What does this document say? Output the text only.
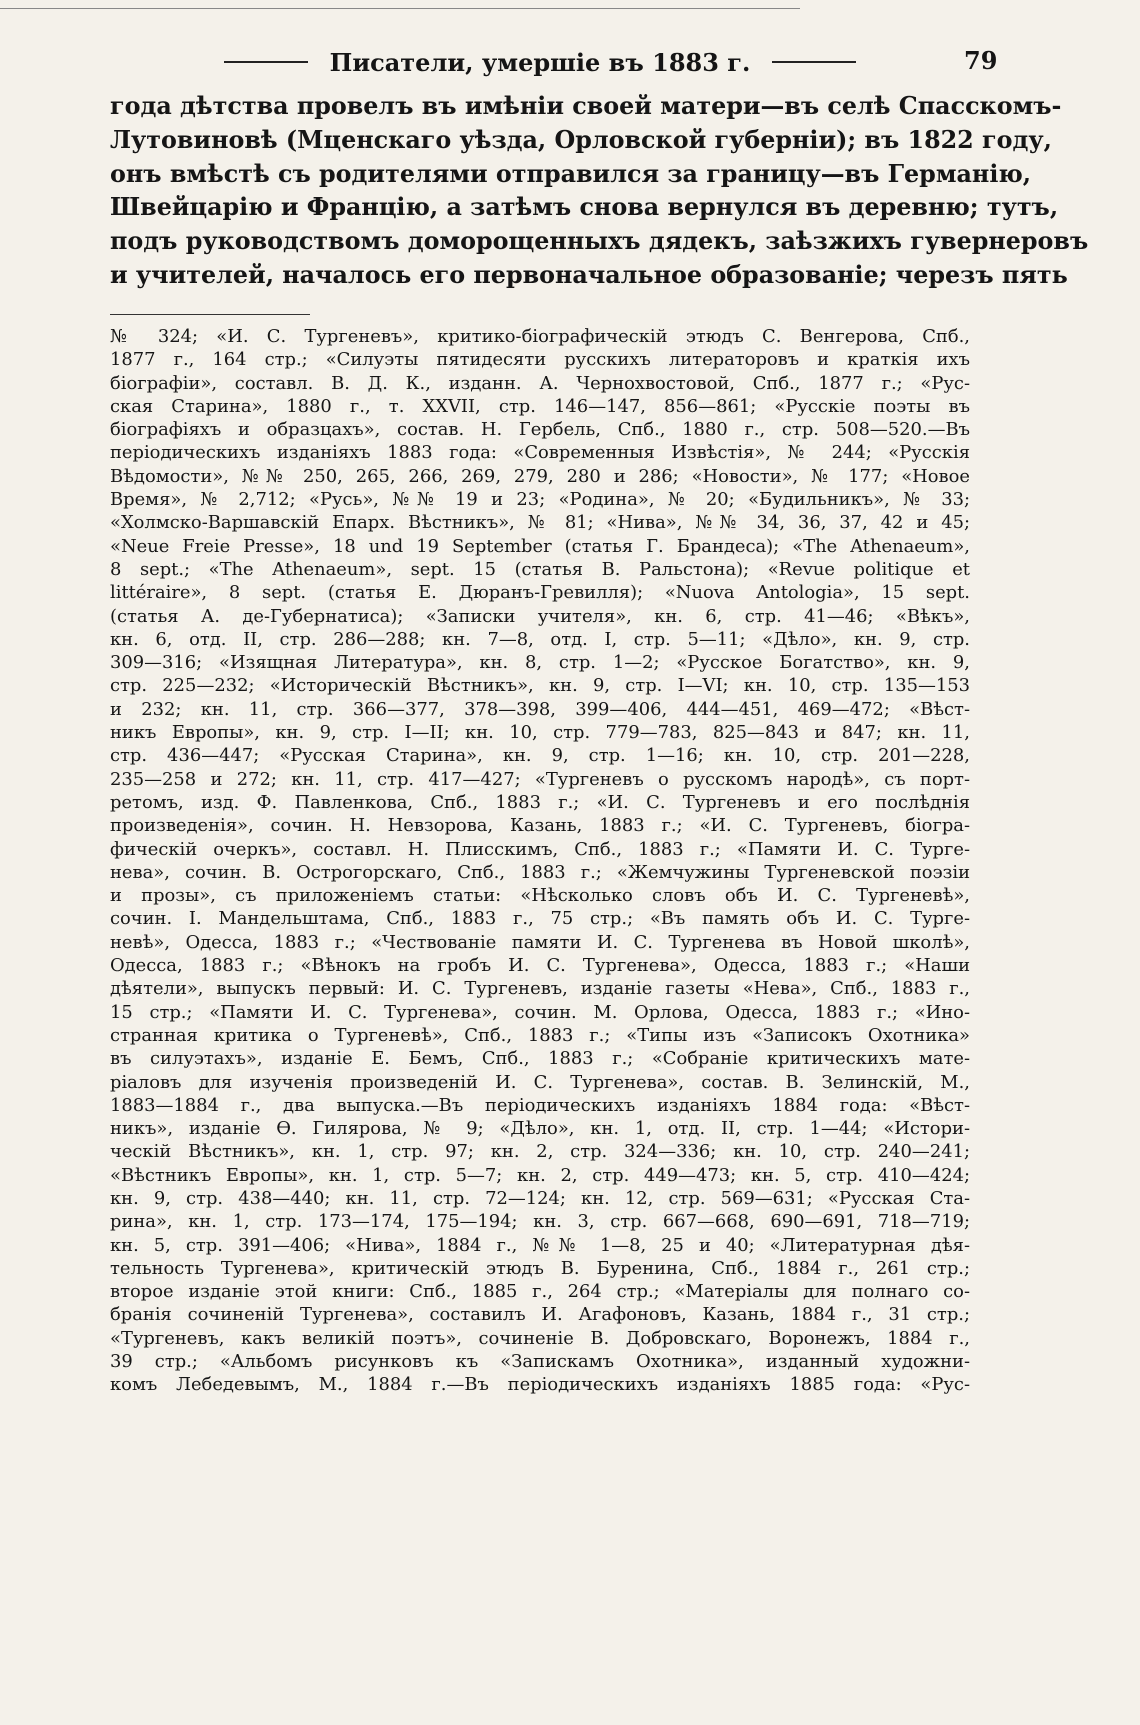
Писатели, умершіе въ 1883 г.	79
года дѣтства провелъ въ имѣніи своей матери—въ селѣ Спасскомъ-
Лутовиновѣ (Мценскаго уѣзда, Орловской губерніи); въ 1822 году,
онъ вмѣстѣ съ родителями отправился за границу—въ Германію,
Швейцарію и Францію, а затѣмъ снова вернулся въ деревню; тутъ,
подъ руководствомъ доморощенныхъ дядекъ, заѣзжихъ гувернеровъ
и учителей, началось его первоначальное образованіе; черезъ пять
№ 324; «И. С. Тургеневъ», критико-біографическій этюдъ С. Венгерова, Спб.,
1877 г., 164 стр.; «Силуэты пятидесяти русскихъ литераторовъ и краткія ихъ
біографіи», составл. В. Д. К., изданн. А. Чернохвостовой, Спб., 1877 г.; «Рус-
ская Старина», 1880 г., т. XXVII, стр. 146—147, 856—861; «Русскіе поэты въ
біографіяхъ и образцахъ», состав. Н. Гербель, Спб., 1880 г., стр. 508—520.—Въ
періодическихъ изданіяхъ 1883 года: «Современныя Извѣстія», № 244; «Русскія
Вѣдомости», №№ 250, 265, 266, 269, 279, 280 и 286; «Новости», № 177; «Новое
Время», № 2,712; «Русь», №№ 19 и 23; «Родина», № 20; «Будильникъ», № 33;
«Холмско-Варшавскій Епарх. Вѣстникъ», № 81; «Нива», №№ 34, 36, 37, 42 и 45;
«Neue Freie Presse», 18 und 19 September (статья Г. Брандеса); «The Athenaeum»,
8 sept.; «The Athenaeum», sept. 15 (статья В. Ральстона); «Revue politique et
littéraire», 8 sept. (статья Е. Дюранъ-Гревилля); «Nuova Antologia», 15 sept.
(статья А. де-Губернатиса); «Записки учителя», кн. 6, стр. 41—46; «Вѣкъ»,
кн. 6, отд. II, стр. 286—288; кн. 7—8, отд. I, стр. 5—11; «Дѣло», кн. 9, стр.
309—316; «Изящная Литература», кн. 8, стр. 1—2; «Русское Богатство», кн. 9,
стр. 225—232; «Историческій Вѣстникъ», кн. 9, стр. I—VI; кн. 10, стр. 135—153
и 232; кн. 11, стр. 366—377, 378—398, 399—406, 444—451, 469—472; «Вѣст-
никъ Европы», кн. 9, стр. I—II; кн. 10, стр. 779—783, 825—843 и 847; кн. 11,
стр. 436—447; «Русская Старина», кн. 9, стр. 1—16; кн. 10, стр. 201—228,
235—258 и 272; кн. 11, стр. 417—427; «Тургеневъ о русскомъ народѣ», съ порт-
ретомъ, изд. Ф. Павленкова, Спб., 1883 г.; «И. С. Тургеневъ и его послѣднія
произведенія», сочин. Н. Невзорова, Казань, 1883 г.; «И. С. Тургеневъ, біогра-
фическій очеркъ», составл. Н. Плисскимъ, Спб., 1883 г.; «Памяти И. С. Турге-
нева», сочин. В. Острогорскаго, Спб., 1883 г.; «Жемчужины Тургеневской поэзіи
и прозы», съ приложеніемъ статьи: «Нѣсколько словъ объ И. С. Тургеневѣ»,
сочин. I. Мандельштама, Спб., 1883 г., 75 стр.; «Въ память объ И. С. Турге-
невѣ», Одесса, 1883 г.; «Чествованіе памяти И. С. Тургенева въ Новой школѣ»,
Одесса, 1883 г.; «Вѣнокъ на гробъ И. С. Тургенева», Одесса, 1883 г.; «Наши
дѣятели», выпускъ первый: И. С. Тургеневъ, изданіе газеты «Нева», Спб., 1883 г.,
15 стр.; «Памяти И. С. Тургенева», сочин. М. Орлова, Одесса, 1883 г.; «Ино-
странная критика о Тургеневѣ», Спб., 1883 г.; «Типы изъ «Записокъ Охотника»
въ силуэтахъ», изданіе Е. Бемъ, Спб., 1883 г.; «Собраніе критическихъ мате-
ріаловъ для изученія произведеній И. С. Тургенева», состав. В. Зелинскій, М.,
1883—1884 г., два выпуска.—Въ періодическихъ изданіяхъ 1884 года: «Вѣст-
никъ», изданіе Ѳ. Гилярова, № 9; «Дѣло», кн. 1, отд. II, стр. 1—44; «Истори-
ческій Вѣстникъ», кн. 1, стр. 97; кн. 2, стр. 324—336; кн. 10, стр. 240—241;
«Вѣстникъ Европы», кн. 1, стр. 5—7; кн. 2, стр. 449—473; кн. 5, стр. 410—424;
кн. 9, стр. 438—440; кн. 11, стр. 72—124; кн. 12, стр. 569—631; «Русская Ста-
рина», кн. 1, стр. 173—174, 175—194; кн. 3, стр. 667—668, 690—691, 718—719;
кн. 5, стр. 391—406; «Нива», 1884 г., №№ 1—8, 25 и 40; «Литературная дѣя-
тельность Тургенева», критическій этюдъ В. Буренина, Спб., 1884 г., 261 стр.;
второе изданіе этой книги: Спб., 1885 г., 264 стр.; «Матеріалы для полнаго со-
бранія сочиненій Тургенева», составилъ И. Агафоновъ, Казань, 1884 г., 31 стр.;
«Тургеневъ, какъ великій поэтъ», сочиненіе В. Добровскаго, Воронежъ, 1884 г.,
39 стр.; «Альбомъ рисунковъ къ «Запискамъ Охотника», изданный художни-
комъ Лебедевымъ, М., 1884 г.—Въ періодическихъ изданіяхъ 1885 года: «Рус-
